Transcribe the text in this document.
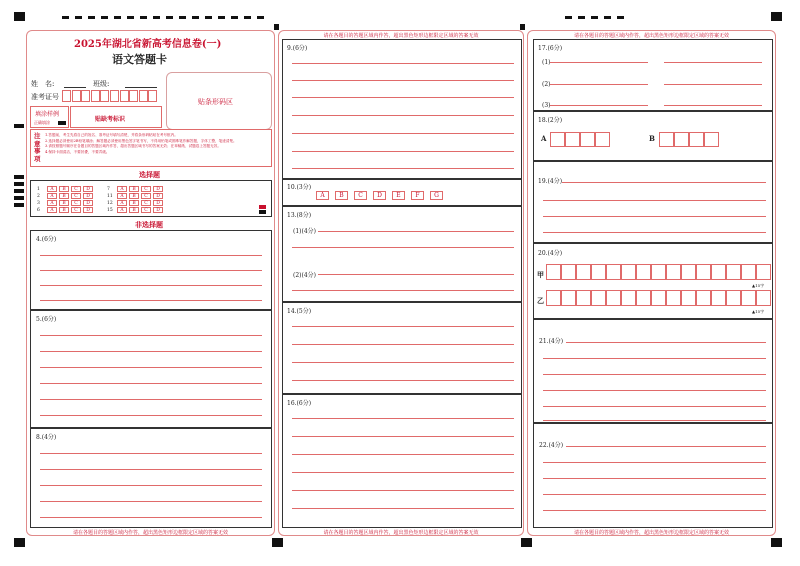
2025年湖北省新高考信息卷(一)
语文答题卡
姓　名:	班级:
准考证号
贴条形码区
填涂样例
正确填涂	贴缺考标识
注意事项
1.答题前，考生先将自己的姓名、准考证号填写清楚，并将条形码粘贴在考号框内。
2.选择题必须使用2B铅笔填涂；解答题必须使用黑色签字笔书写，不得用铅笔或圆珠笔作解答题，字体工整，笔迹清楚。
3.请按照题号顺序在各题目的答题区域内作答，超出答题区域书写的答案无效；在草稿纸、试题卷上答题无效。
4.保持卡面清洁，不要折叠，不要弄破。
选择题
1 A B C D
2 A B C D
3 A B C D
6 A B C D
7 A B C D
11 A B C D
12 A B C D
15 A B C D
非选择题
4.(6分)
5.(6分)
8.(4分)
请在各题目的答题区域内作答，超出黑色矩形边框限定区域的答案无效
请在各题目的答题区域内作答，超出黑色矩形边框限定区域的答案无效
9.(6分)
10.(3分)
A	B	C	D	E	F	G
13.(8分)
(1)(4分)
(2)(4分)
14.(5分)
16.(6分)
请在各题目的答题区域内作答，超出黑色矩形边框限定区域的答案无效
请在各题目的答题区域内作答，超出黑色矩形边框限定区域的答案无效
17.(6分)
(1)
(2)
(3)
18.(2分)
A	B
19.(4分)
20.(4分)
甲
乙
▲15字
▲15字
21.(4分)
22.(4分)
请在各题目的答题区域内作答，超出黑色矩形边框限定区域的答案无效
